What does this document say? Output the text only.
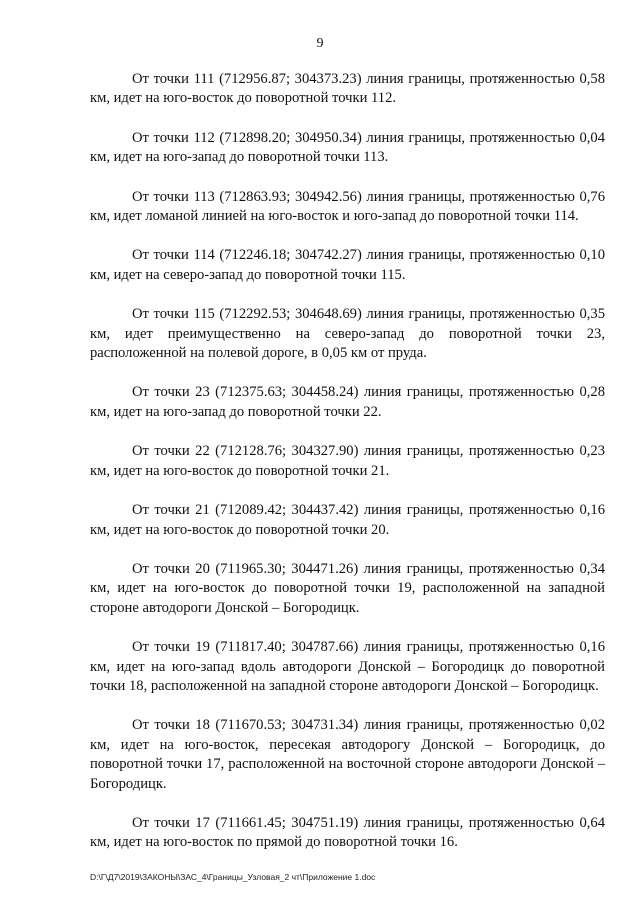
9

От точки 111 (712956.87; 304373.23) линия границы, протяженностью 0,58 км, идет на юго-восток до поворотной точки 112.

От точки 112 (712898.20; 304950.34) линия границы, протяженностью 0,04 км, идет на юго-запад до поворотной точки 113.

От точки 113 (712863.93; 304942.56) линия границы, протяженностью 0,76 км, идет ломаной линией на юго-восток и юго-запад до поворотной точки 114.

От точки 114 (712246.18; 304742.27) линия границы, протяженностью 0,10 км, идет на северо-запад до поворотной точки 115.

От точки 115 (712292.53; 304648.69) линия границы, протяженностью 0,35 км, идет преимущественно на северо-запад до поворотной точки 23, расположенной на полевой дороге, в 0,05 км от пруда.

От точки 23 (712375.63; 304458.24) линия границы, протяженностью 0,28 км, идет на юго-запад до поворотной точки 22.

От точки 22 (712128.76; 304327.90) линия границы, протяженностью 0,23 км, идет на юго-восток до поворотной точки 21.

От точки 21 (712089.42; 304437.42) линия границы, протяженностью 0,16 км, идет на юго-восток до поворотной точки 20.

От точки 20 (711965.30; 304471.26) линия границы, протяженностью 0,34 км, идет на юго-восток до поворотной точки 19, расположенной на западной стороне автодороги Донской – Богородицк.

От точки 19 (711817.40; 304787.66) линия границы, протяженностью 0,16 км, идет на юго-запад вдоль автодороги Донской – Богородицк до поворотной точки 18, расположенной на западной стороне автодороги Донской – Богородицк.

От точки 18 (711670.53; 304731.34) линия границы, протяженностью 0,02 км, идет на юго-восток, пересекая автодорогу Донской – Богородицк, до поворотной точки 17, расположенной на восточной стороне автодороги Донской – Богородицк.

От точки 17 (711661.45; 304751.19) линия границы, протяженностью 0,64 км, идет на юго-восток по прямой до поворотной точки 16.

D:\Г\Д7\2019\ЗАКОНЫ\ЗАС_4\Границы_Узловая_2 чт\Приложение 1.doc
